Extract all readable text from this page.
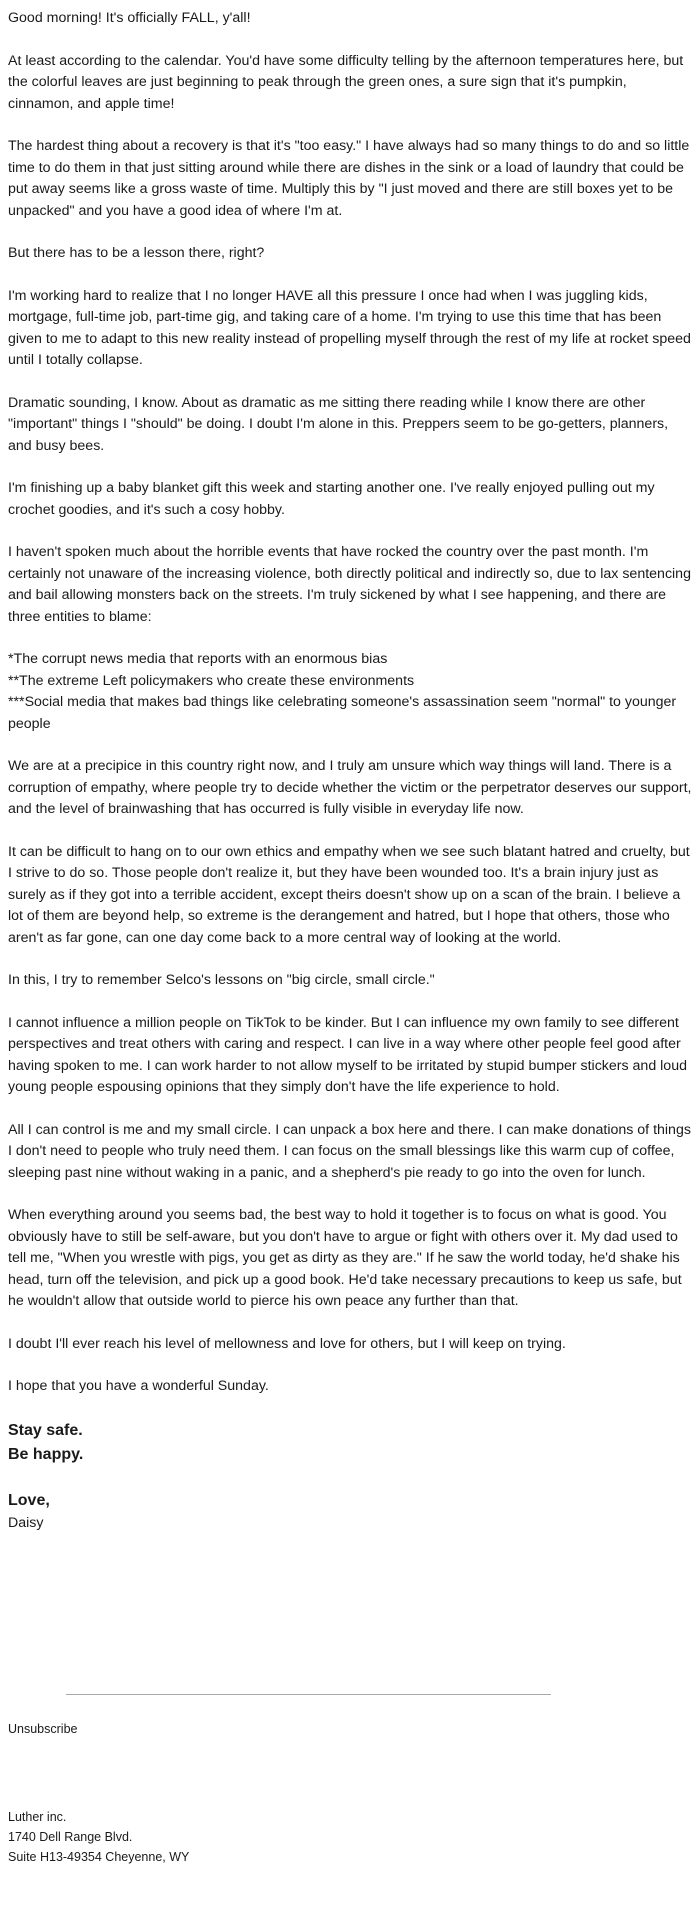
Good morning! It's officially FALL, y'all!

At least according to the calendar. You'd have some difficulty telling by the afternoon temperatures here, but the colorful leaves are just beginning to peak through the green ones, a sure sign that it's pumpkin, cinnamon, and apple time!

The hardest thing about a recovery is that it's "too easy." I have always had so many things to do and so little time to do them in that just sitting around while there are dishes in the sink or a load of laundry that could be put away seems like a gross waste of time. Multiply this by "I just moved and there are still boxes yet to be unpacked" and you have a good idea of where I'm at.

But there has to be a lesson there, right?

I'm working hard to realize that I no longer HAVE all this pressure I once had when I was juggling kids, mortgage, full-time job, part-time gig, and taking care of a home. I'm trying to use this time that has been given to me to adapt to this new reality instead of propelling myself through the rest of my life at rocket speed until I totally collapse.

Dramatic sounding, I know. About as dramatic as me sitting there reading while I know there are other "important" things I "should" be doing. I doubt I'm alone in this. Preppers seem to be go-getters, planners, and busy bees.

I'm finishing up a baby blanket gift this week and starting another one. I've really enjoyed pulling out my crochet goodies, and it's such a cosy hobby.

I haven't spoken much about the horrible events that have rocked the country over the past month. I'm certainly not unaware of the increasing violence, both directly political and indirectly so, due to lax sentencing and bail allowing monsters back on the streets. I'm truly sickened by what I see happening, and there are three entities to blame:

*The corrupt news media that reports with an enormous bias
**The extreme Left policymakers who create these environments
***Social media that makes bad things like celebrating someone's assassination seem "normal" to younger people

We are at a precipice in this country right now, and I truly am unsure which way things will land. There is a corruption of empathy, where people try to decide whether the victim or the perpetrator deserves our support, and the level of brainwashing that has occurred is fully visible in everyday life now.

It can be difficult to hang on to our own ethics and empathy when we see such blatant hatred and cruelty, but I strive to do so. Those people don't realize it, but they have been wounded too. It's a brain injury just as surely as if they got into a terrible accident, except theirs doesn't show up on a scan of the brain. I believe a lot of them are beyond help, so extreme is the derangement and hatred, but I hope that others, those who aren't as far gone, can one day come back to a more central way of looking at the world.

In this, I try to remember Selco's lessons on "big circle, small circle."

I cannot influence a million people on TikTok to be kinder. But I can influence my own family to see different perspectives and treat others with caring and respect. I can live in a way where other people feel good after having spoken to me. I can work harder to not allow myself to be irritated by stupid bumper stickers and loud young people espousing opinions that they simply don't have the life experience to hold.

All I can control is me and my small circle. I can unpack a box here and there. I can make donations of things I don't need to people who truly need them. I can focus on the small blessings like this warm cup of coffee, sleeping past nine without waking in a panic, and a shepherd's pie ready to go into the oven for lunch.

When everything around you seems bad, the best way to hold it together is to focus on what is good. You obviously have to still be self-aware, but you don't have to argue or fight with others over it. My dad used to tell me, "When you wrestle with pigs, you get as dirty as they are." If he saw the world today, he'd shake his head, turn off the television, and pick up a good book. He'd take necessary precautions to keep us safe, but he wouldn't allow that outside world to pierce his own peace any further than that.

I doubt I'll ever reach his level of mellowness and love for others, but I will keep on trying.

I hope that you have a wonderful Sunday.

Stay safe.

Be happy.

Love,

Daisy
Unsubscribe
Luther inc.
1740 Dell Range Blvd.
Suite H13-49354 Cheyenne, WY
